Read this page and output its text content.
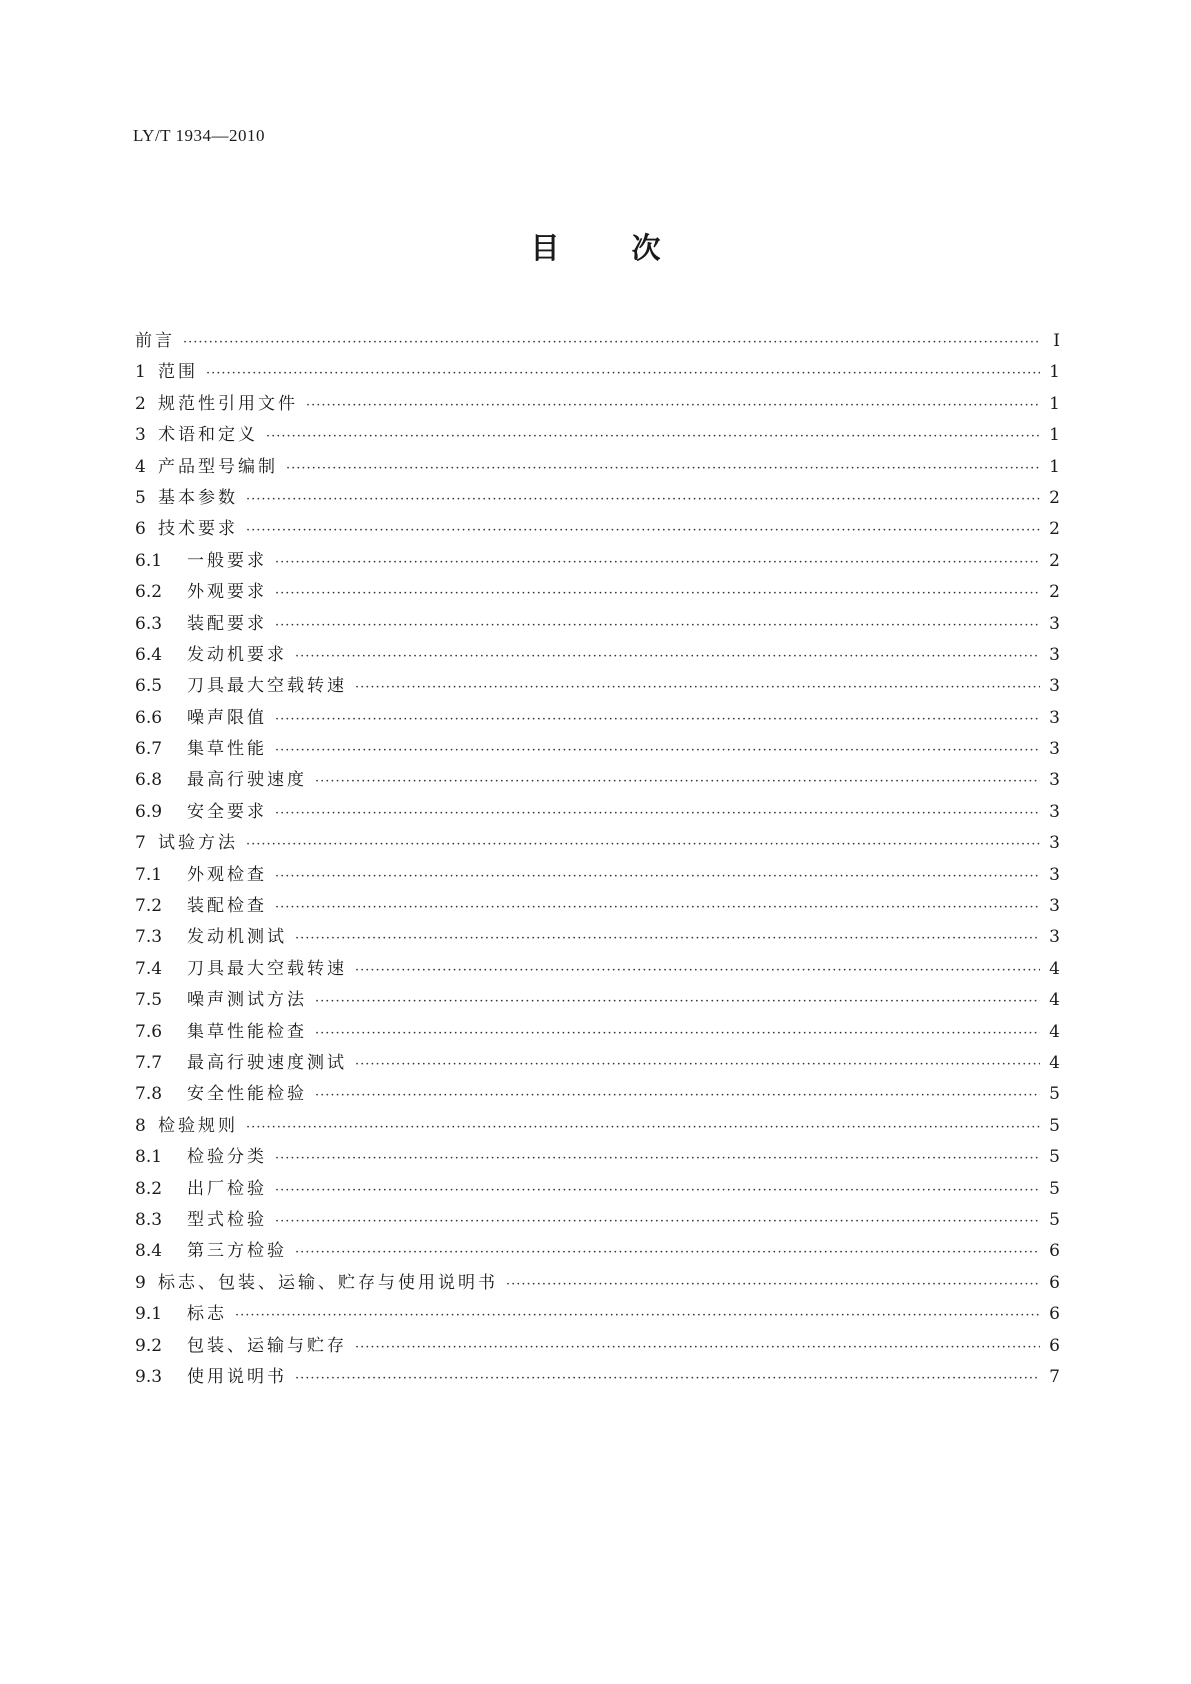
LY/T 1934—2010
目 次
前言 ·····	Ⅰ
1 范围 ·····	1
2 规范性引用文件 ·····	1
3 术语和定义 ·····	1
4 产品型号编制 ·····	1
5 基本参数 ·····	2
6 技术要求 ·····	2
6.1	一般要求 ·····	2
6.2	外观要求 ·····	2
6.3	装配要求 ·····	3
6.4	发动机要求 ·····	3
6.5	刀具最大空载转速 ·····	3
6.6	噪声限值 ·····	3
6.7	集草性能 ·····	3
6.8	最高行驶速度 ·····	3
6.9	安全要求 ·····	3
7 试验方法 ·····	3
7.1	外观检查 ·····	3
7.2	装配检查 ·····	3
7.3	发动机测试 ·····	3
7.4	刀具最大空载转速 ·····	4
7.5	噪声测试方法 ·····	4
7.6	集草性能检查 ·····	4
7.7	最高行驶速度测试 ·····	4
7.8	安全性能检验 ·····	5
8 检验规则 ·····	5
8.1	检验分类 ·····	5
8.2	出厂检验 ·····	5
8.3	型式检验 ·····	5
8.4	第三方检验 ·····	6
9 标志、包装、运输、贮存与使用说明书 ·····	6
9.1	标志 ·····	6
9.2	包装、运输与贮存 ·····	6
9.3	使用说明书 ·····	7
